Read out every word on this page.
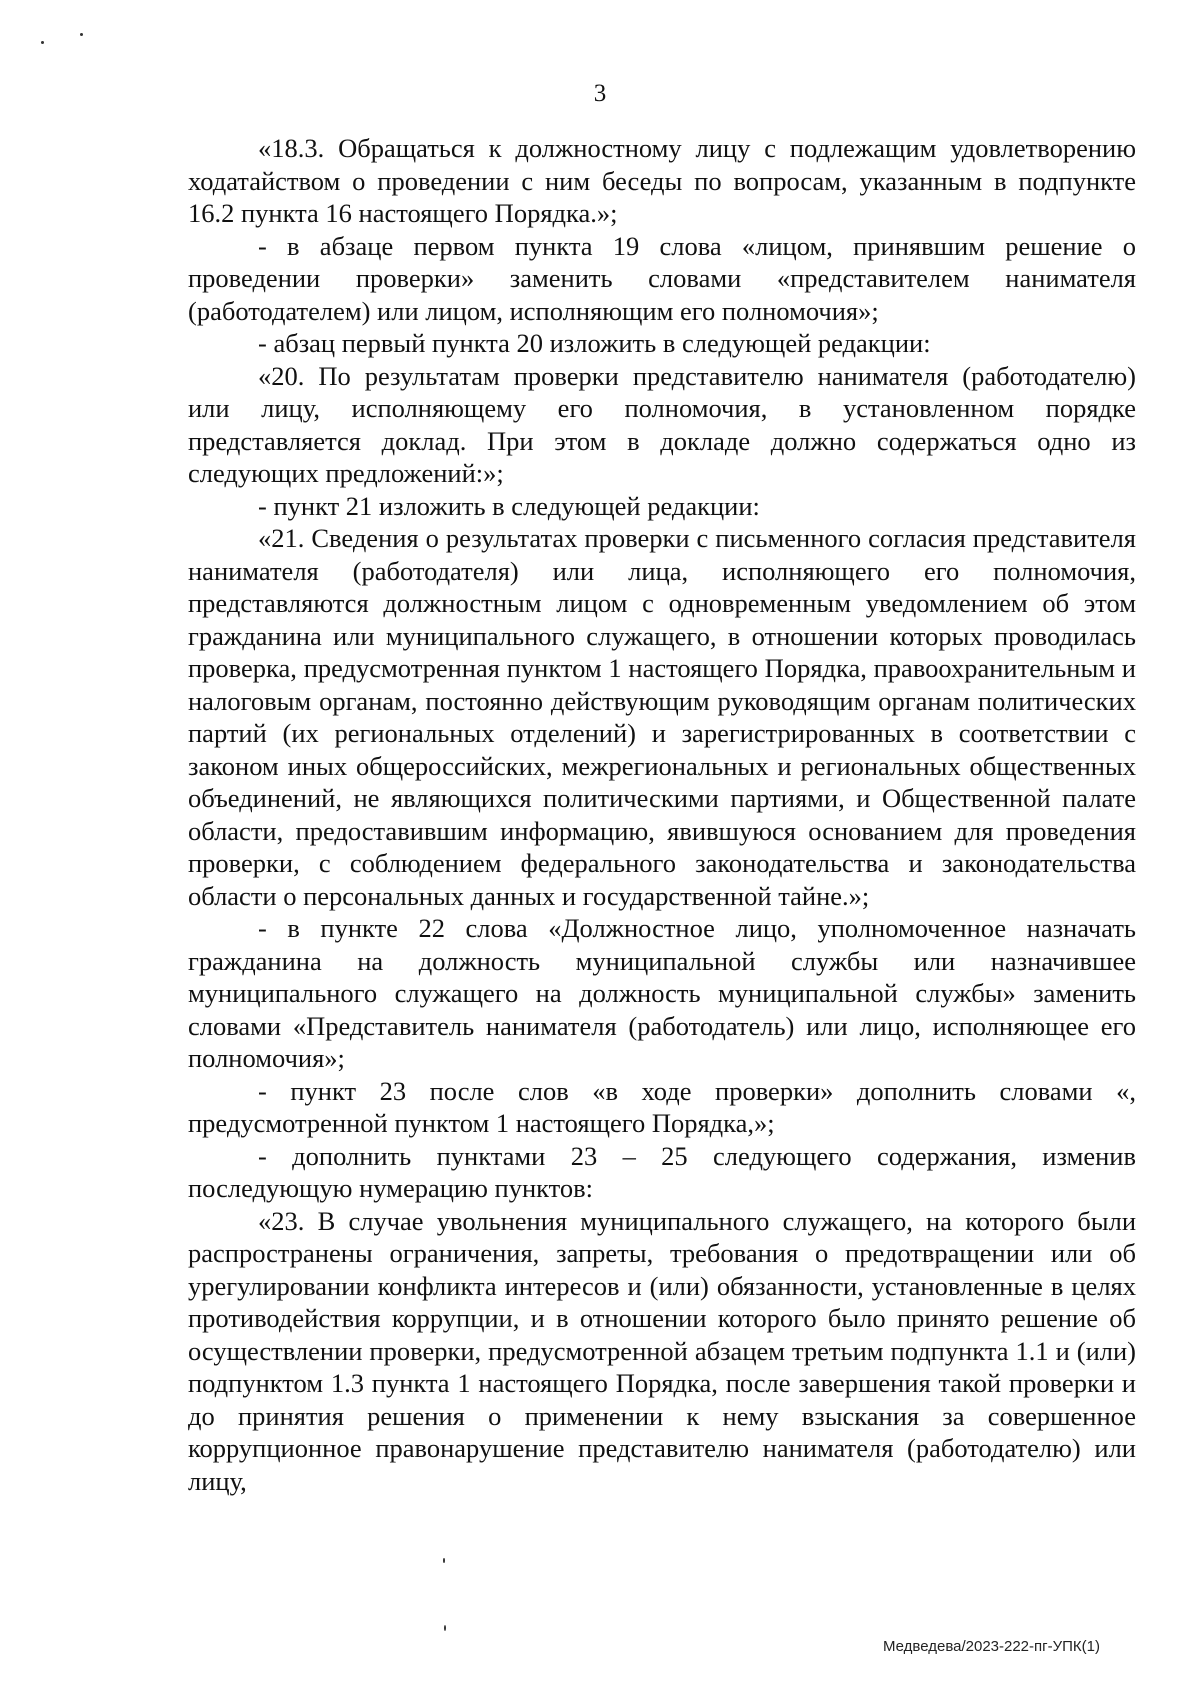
3

«18.3. Обращаться к должностному лицу с подлежащим удовлетворению ходатайством о проведении с ним беседы по вопросам, указанным в подпункте 16.2 пункта 16 настоящего Порядка.»;

- в абзаце первом пункта 19 слова «лицом, принявшим решение о проведении проверки» заменить словами «представителем нанимателя (работодателем) или лицом, исполняющим его полномочия»;

- абзац первый пункта 20 изложить в следующей редакции:

«20. По результатам проверки представителю нанимателя (работодателю) или лицу, исполняющему его полномочия, в установленном порядке представляется доклад. При этом в докладе должно содержаться одно из следующих предложений:»;

- пункт 21 изложить в следующей редакции:

«21. Сведения о результатах проверки с письменного согласия представителя нанимателя (работодателя) или лица, исполняющего его полномочия, представляются должностным лицом с одновременным уведомлением об этом гражданина или муниципального служащего, в отношении которых проводилась проверка, предусмотренная пунктом 1 настоящего Порядка, правоохранительным и налоговым органам, постоянно действующим руководящим органам политических партий (их региональных отделений) и зарегистрированных в соответствии с законом иных общероссийских, межрегиональных и региональных общественных объединений, не являющихся политическими партиями, и Общественной палате области, предоставившим информацию, явившуюся основанием для проведения проверки, с соблюдением федерального законодательства и законодательства области о персональных данных и государственной тайне.»;

- в пункте 22 слова «Должностное лицо, уполномоченное назначать гражданина на должность муниципальной службы или назначившее муниципального служащего на должность муниципальной службы» заменить словами «Представитель нанимателя (работодатель) или лицо, исполняющее его полномочия»;

- пункт 23 после слов «в ходе проверки» дополнить словами «, предусмотренной пунктом 1 настоящего Порядка,»;

- дополнить пунктами 23 – 25 следующего содержания, изменив последующую нумерацию пунктов:

«23. В случае увольнения муниципального служащего, на которого были распространены ограничения, запреты, требования о предотвращении или об урегулировании конфликта интересов и (или) обязанности, установленные в целях противодействия коррупции, и в отношении которого было принято решение об осуществлении проверки, предусмотренной абзацем третьим подпункта 1.1 и (или) подпунктом 1.3 пункта 1 настоящего Порядка, после завершения такой проверки и до принятия решения о применении к нему взыскания за совершенное коррупционное правонарушение представителю нанимателя (работодателю) или лицу,

Медведева/2023-222-пг-УПК(1)
